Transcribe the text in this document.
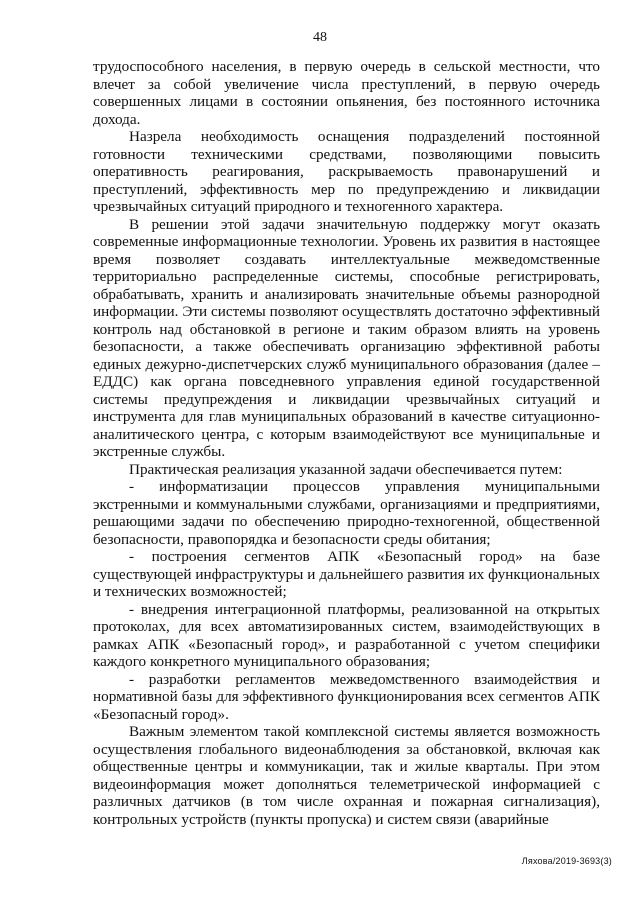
48

трудоспособного населения, в первую очередь в сельской местности, что влечет за собой увеличение числа преступлений, в первую очередь совершенных лицами в состоянии опьянения, без постоянного источника дохода.

Назрела необходимость оснащения подразделений постоянной готовности техническими средствами, позволяющими повысить оперативность реагирования, раскрываемость правонарушений и преступлений, эффективность мер по предупреждению и ликвидации чрезвычайных ситуаций природного и техногенного характера.

В решении этой задачи значительную поддержку могут оказать современные информационные технологии. Уровень их развития в настоящее время позволяет создавать интеллектуальные межведомственные территориально распределенные системы, способные регистрировать, обрабатывать, хранить и анализировать значительные объемы разнородной информации. Эти системы позволяют осуществлять достаточно эффективный контроль над обстановкой в регионе и таким образом влиять на уровень безопасности, а также обеспечивать организацию эффективной работы единых дежурно-диспетчерских служб муниципального образования (далее – ЕДДС) как органа повседневного управления единой государственной системы предупреждения и ликвидации чрезвычайных ситуаций и инструмента для глав муниципальных образований в качестве ситуационно-аналитического центра, с которым взаимодействуют все муниципальные и экстренные службы.

Практическая реализация указанной задачи обеспечивается путем:

- информатизации процессов управления муниципальными экстренными и коммунальными службами, организациями и предприятиями, решающими задачи по обеспечению природно-техногенной, общественной безопасности, правопорядка и безопасности среды обитания;

- построения сегментов АПК «Безопасный город» на базе существующей инфраструктуры и дальнейшего развития их функциональных и технических возможностей;

- внедрения интеграционной платформы, реализованной на открытых протоколах, для всех автоматизированных систем, взаимодействующих в рамках АПК «Безопасный город», и разработанной с учетом специфики каждого конкретного муниципального образования;

- разработки регламентов межведомственного взаимодействия и нормативной базы для эффективного функционирования всех сегментов АПК «Безопасный город».

Важным элементом такой комплексной системы является возможность осуществления глобального видеонаблюдения за обстановкой, включая как общественные центры и коммуникации, так и жилые кварталы. При этом видеоинформация может дополняться телеметрической информацией с различных датчиков (в том числе охранная и пожарная сигнализация), контрольных устройств (пункты пропуска) и систем связи (аварийные

Ляхова/2019-3693(3)
